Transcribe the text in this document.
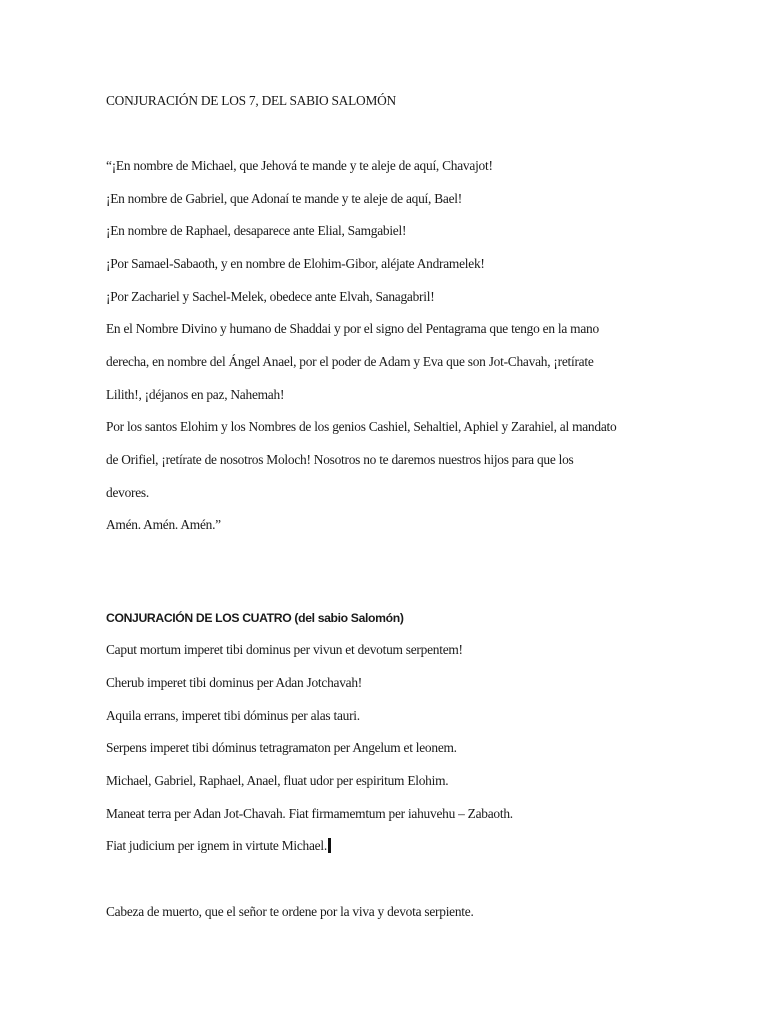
CONJURACIÓN DE LOS 7, DEL SABIO SALOMÓN
“¡En nombre de Michael, que Jehová te mande y te aleje de aquí, Chavajot!
¡En nombre de Gabriel, que Adonaí te mande y te aleje de aquí, Bael!
¡En nombre de Raphael, desaparece ante Elial, Samgabiel!
¡Por Samael-Sabaoth, y en nombre de Elohim-Gibor, aléjate Andramelek!
¡Por Zachariel y Sachel-Melek, obedece ante Elvah, Sanagabril!
En el Nombre Divino y humano de Shaddai y por el signo del Pentagrama que tengo en la mano
derecha, en nombre del Ángel Anael, por el poder de Adam y Eva que son Jot-Chavah, ¡retírate
Lilith!, ¡déjanos en paz, Nahemah!
Por los santos Elohim y los Nombres de los genios Cashiel, Sehaltiel, Aphiel y Zarahiel, al mandato
de Orifiel, ¡retírate de nosotros Moloch! Nosotros no te daremos nuestros hijos para que los
devores.
Amén. Amén. Amén.”
CONJURACIÓN DE LOS CUATRO (del sabio Salomón)
Caput mortum imperet tibi dominus per vivun et devotum serpentem!
Cherub imperet tibi dominus per Adan Jotchavah!
Aquila errans, imperet tibi dóminus per alas tauri.
Serpens imperet tibi dóminus tetragramaton per Angelum et leonem.
Michael, Gabriel, Raphael, Anael, fluat udor per espiritum Elohim.
Maneat terra per Adan Jot-Chavah. Fiat firmamemtum per iahuvehu – Zabaoth.
Fiat judicium per ignem in virtute Michael.
Cabeza de muerto, que el señor te ordene por la viva y devota serpiente.
